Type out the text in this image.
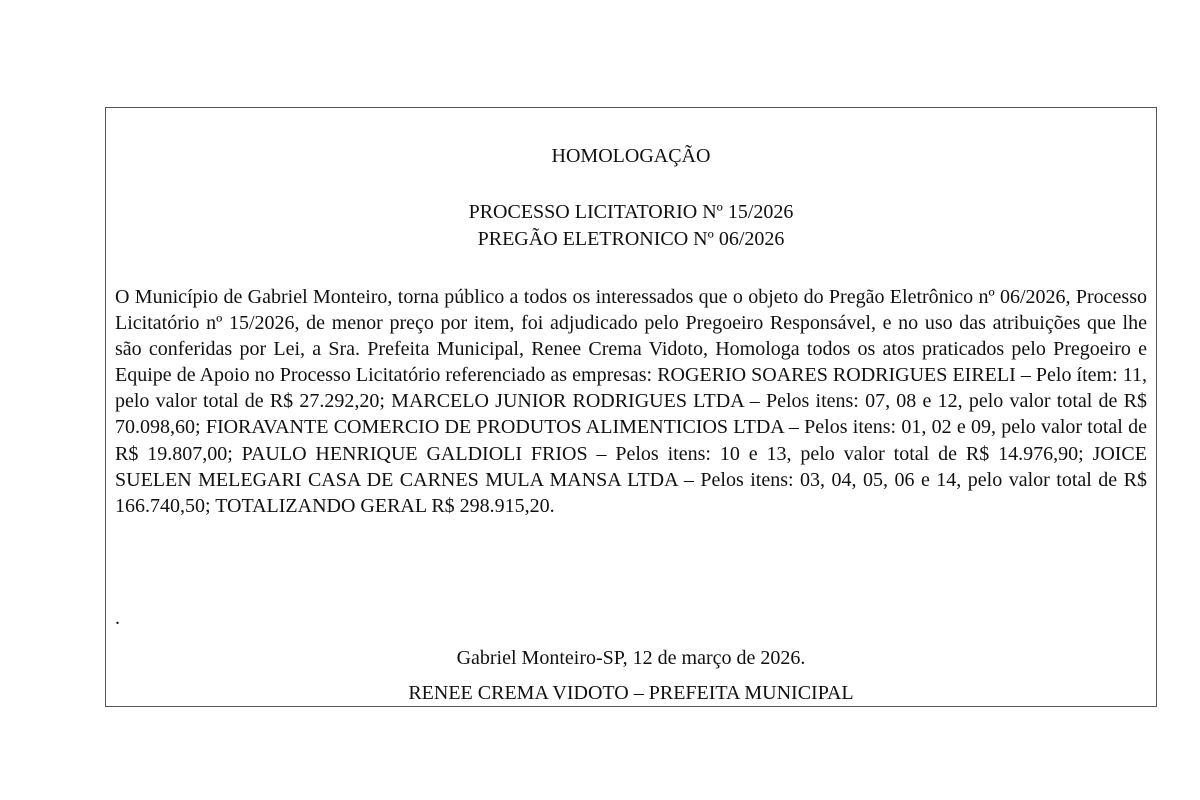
HOMOLOGAÇÃO

PROCESSO LICITATORIO Nº 15/2026

PREGÃO ELETRONICO Nº 06/2026

O Município de Gabriel Monteiro, torna público a todos os interessados que o objeto do Pregão Eletrônico nº 06/2026, Processo Licitatório nº 15/2026, de menor preço por item, foi adjudicado pelo Pregoeiro Responsável, e no uso das atribuições que lhe são conferidas por Lei, a Sra. Prefeita Municipal, Renee Crema Vidoto, Homologa todos os atos praticados pelo Pregoeiro e Equipe de Apoio no Processo Licitatório referenciado as empresas: ROGERIO SOARES RODRIGUES EIRELI – Pelo ítem: 11, pelo valor total de R$ 27.292,20; MARCELO JUNIOR RODRIGUES LTDA – Pelos itens: 07, 08 e 12, pelo valor total de R$ 70.098,60; FIORAVANTE COMERCIO DE PRODUTOS ALIMENTICIOS LTDA – Pelos itens: 01, 02 e 09, pelo valor total de R$ 19.807,00; PAULO HENRIQUE GALDIOLI FRIOS – Pelos itens: 10 e 13, pelo valor total de R$ 14.976,90; JOICE SUELEN MELEGARI CASA DE CARNES MULA MANSA LTDA – Pelos itens: 03, 04, 05, 06 e 14, pelo valor total de R$ 166.740,50; TOTALIZANDO GERAL R$ 298.915,20.

.

Gabriel Monteiro-SP, 12 de março de 2026.

RENEE CREMA VIDOTO – PREFEITA MUNICIPAL
